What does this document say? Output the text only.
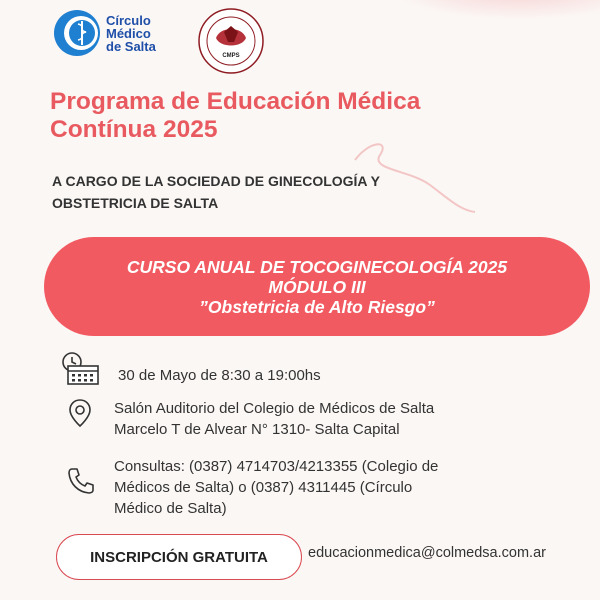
Círculo
Médico
de Salta
CMPS
Programa de Educación Médica
Contínua 2025
A CARGO DE LA SOCIEDAD DE GINECOLOGÍA Y
OBSTETRICIA DE SALTA
CURSO ANUAL DE TOCOGINECOLOGÍA 2025
MÓDULO III
”Obstetricia de Alto Riesgo”
30 de Mayo de 8:30 a 19:00hs
Salón Auditorio del Colegio de Médicos de Salta
Marcelo T de Alvear N° 1310- Salta Capital
Consultas: (0387) 4714703/4213355 (Colegio de
Médicos de Salta) o (0387) 4311445 (Círculo
Médico de Salta)
INSCRIPCIÓN GRATUITA	educacionmedica@colmedsa.com.ar
